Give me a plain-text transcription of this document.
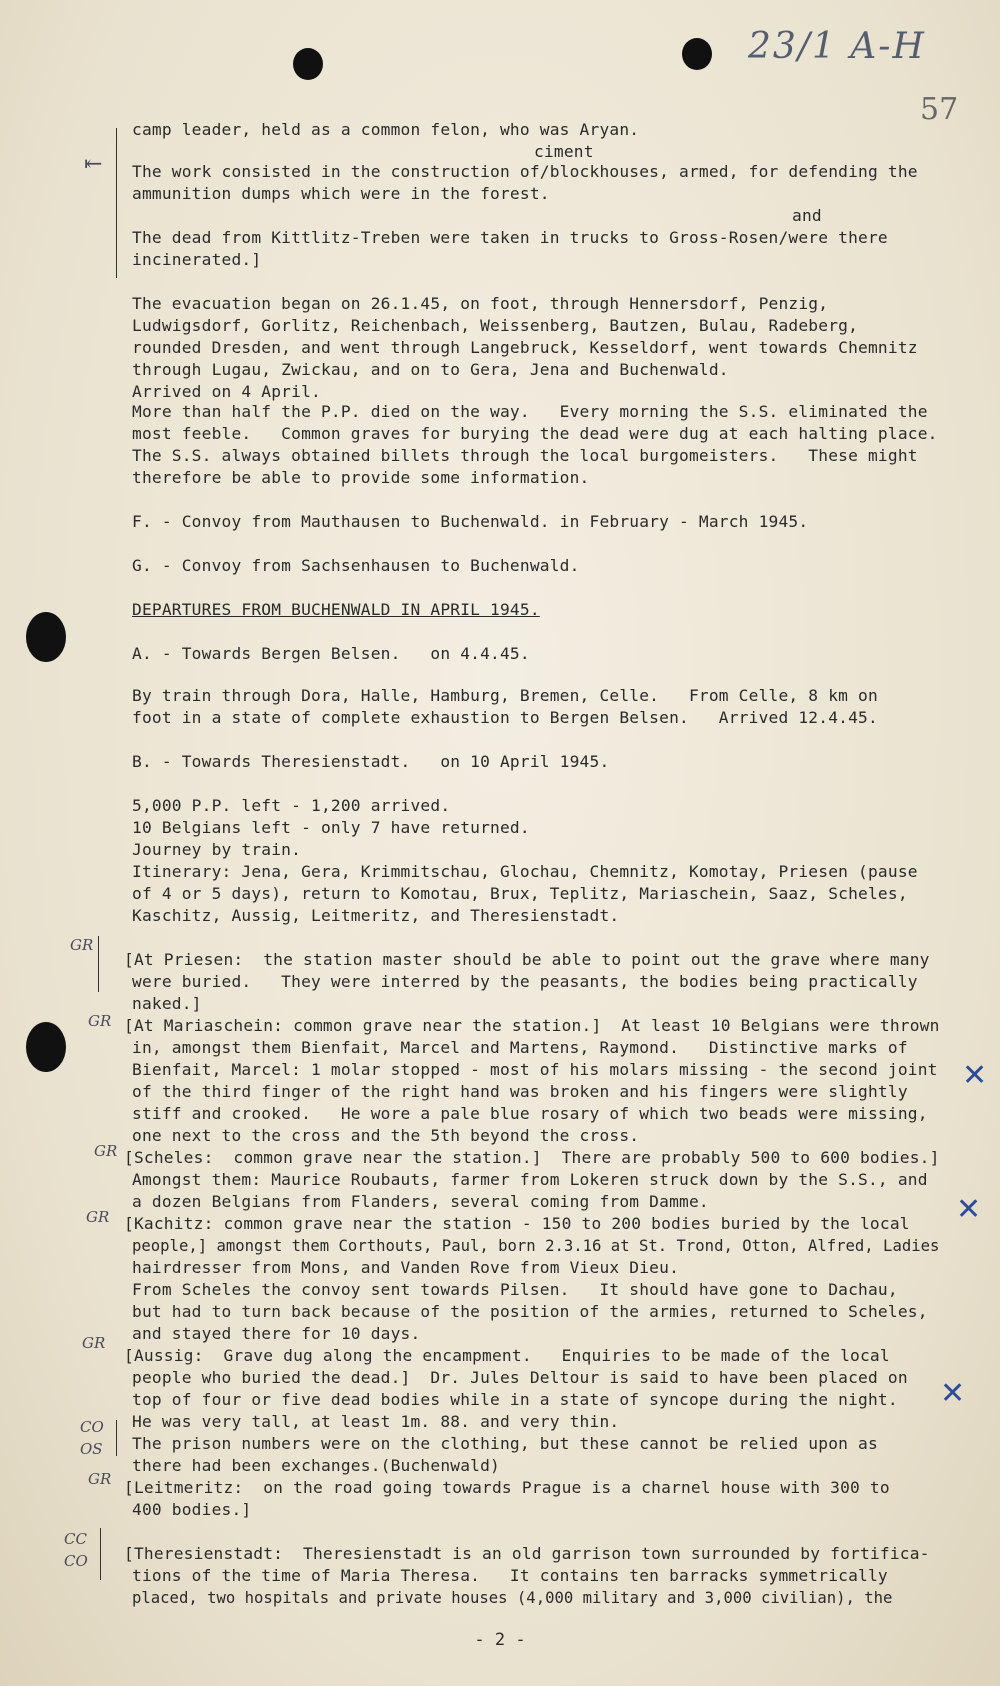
23/1 A-H
57
⇤
GR
GR
GR
GR
GR
CO
OS
GR
CC
CO
✕
✕
✕
camp leader, held as a common felon, who was Aryan.
ciment
The work consisted in the construction of/blockhouses, armed, for defending the
ammunition dumps which were in the forest.
and
The dead from Kittlitz-Treben were taken in trucks to Gross-Rosen/were there
incinerated.]
The evacuation began on 26.1.45, on foot, through Hennersdorf, Penzig,
Ludwigsdorf, Gorlitz, Reichenbach, Weissenberg, Bautzen, Bulau, Radeberg,
rounded Dresden, and went through Langebruck, Kesseldorf, went towards Chemnitz
through Lugau, Zwickau, and on to Gera, Jena and Buchenwald.
Arrived on 4 April.
More than half the P.P. died on the way.   Every morning the S.S. eliminated the
most feeble.   Common graves for burying the dead were dug at each halting place.
The S.S. always obtained billets through the local burgomeisters.   These might
therefore be able to provide some information.
F. - Convoy from Mauthausen to Buchenwald. in February - March 1945.
G. - Convoy from Sachsenhausen to Buchenwald.
DEPARTURES FROM BUCHENWALD IN APRIL 1945.
A. - Towards Bergen Belsen.   on 4.4.45.
By train through Dora, Halle, Hamburg, Bremen, Celle.   From Celle, 8 km on
foot in a state of complete exhaustion to Bergen Belsen.   Arrived 12.4.45.
B. - Towards Theresienstadt.   on 10 April 1945.
5,000 P.P. left - 1,200 arrived.
10 Belgians left - only 7 have returned.
Journey by train.
Itinerary: Jena, Gera, Krimmitschau, Glochau, Chemnitz, Komotay, Priesen (pause
of 4 or 5 days), return to Komotau, Brux, Teplitz, Mariaschein, Saaz, Scheles,
Kaschitz, Aussig, Leitmeritz, and Theresienstadt.
[At Priesen:  the station master should be able to point out the grave where many
were buried.   They were interred by the peasants, the bodies being practically
naked.]
[At Mariaschein: common grave near the station.]  At least 10 Belgians were thrown
in, amongst them Bienfait, Marcel and Martens, Raymond.   Distinctive marks of
Bienfait, Marcel: 1 molar stopped - most of his molars missing - the second joint
of the third finger of the right hand was broken and his fingers were slightly
stiff and crooked.   He wore a pale blue rosary of which two beads were missing,
one next to the cross and the 5th beyond the cross.
[Scheles:  common grave near the station.]  There are probably 500 to 600 bodies.]
Amongst them: Maurice Roubauts, farmer from Lokeren struck down by the S.S., and
a dozen Belgians from Flanders, several coming from Damme.
[Kachitz: common grave near the station - 150 to 200 bodies buried by the local
people,] amongst them Corthouts, Paul, born 2.3.16 at St. Trond, Otton, Alfred, Ladies
hairdresser from Mons, and Vanden Rove from Vieux Dieu.
From Scheles the convoy sent towards Pilsen.   It should have gone to Dachau,
but had to turn back because of the position of the armies, returned to Scheles,
and stayed there for 10 days.
[Aussig:  Grave dug along the encampment.   Enquiries to be made of the local
people who buried the dead.]  Dr. Jules Deltour is said to have been placed on
top of four or five dead bodies while in a state of syncope during the night.
He was very tall, at least 1m. 88. and very thin.
The prison numbers were on the clothing, but these cannot be relied upon as
there had been exchanges.(Buchenwald)
[Leitmeritz:  on the road going towards Prague is a charnel house with 300 to
400 bodies.]
[Theresienstadt:  Theresienstadt is an old garrison town surrounded by fortifica-
tions of the time of Maria Theresa.   It contains ten barracks symmetrically
placed, two hospitals and private houses (4,000 military and 3,000 civilian), the
- 2 -
